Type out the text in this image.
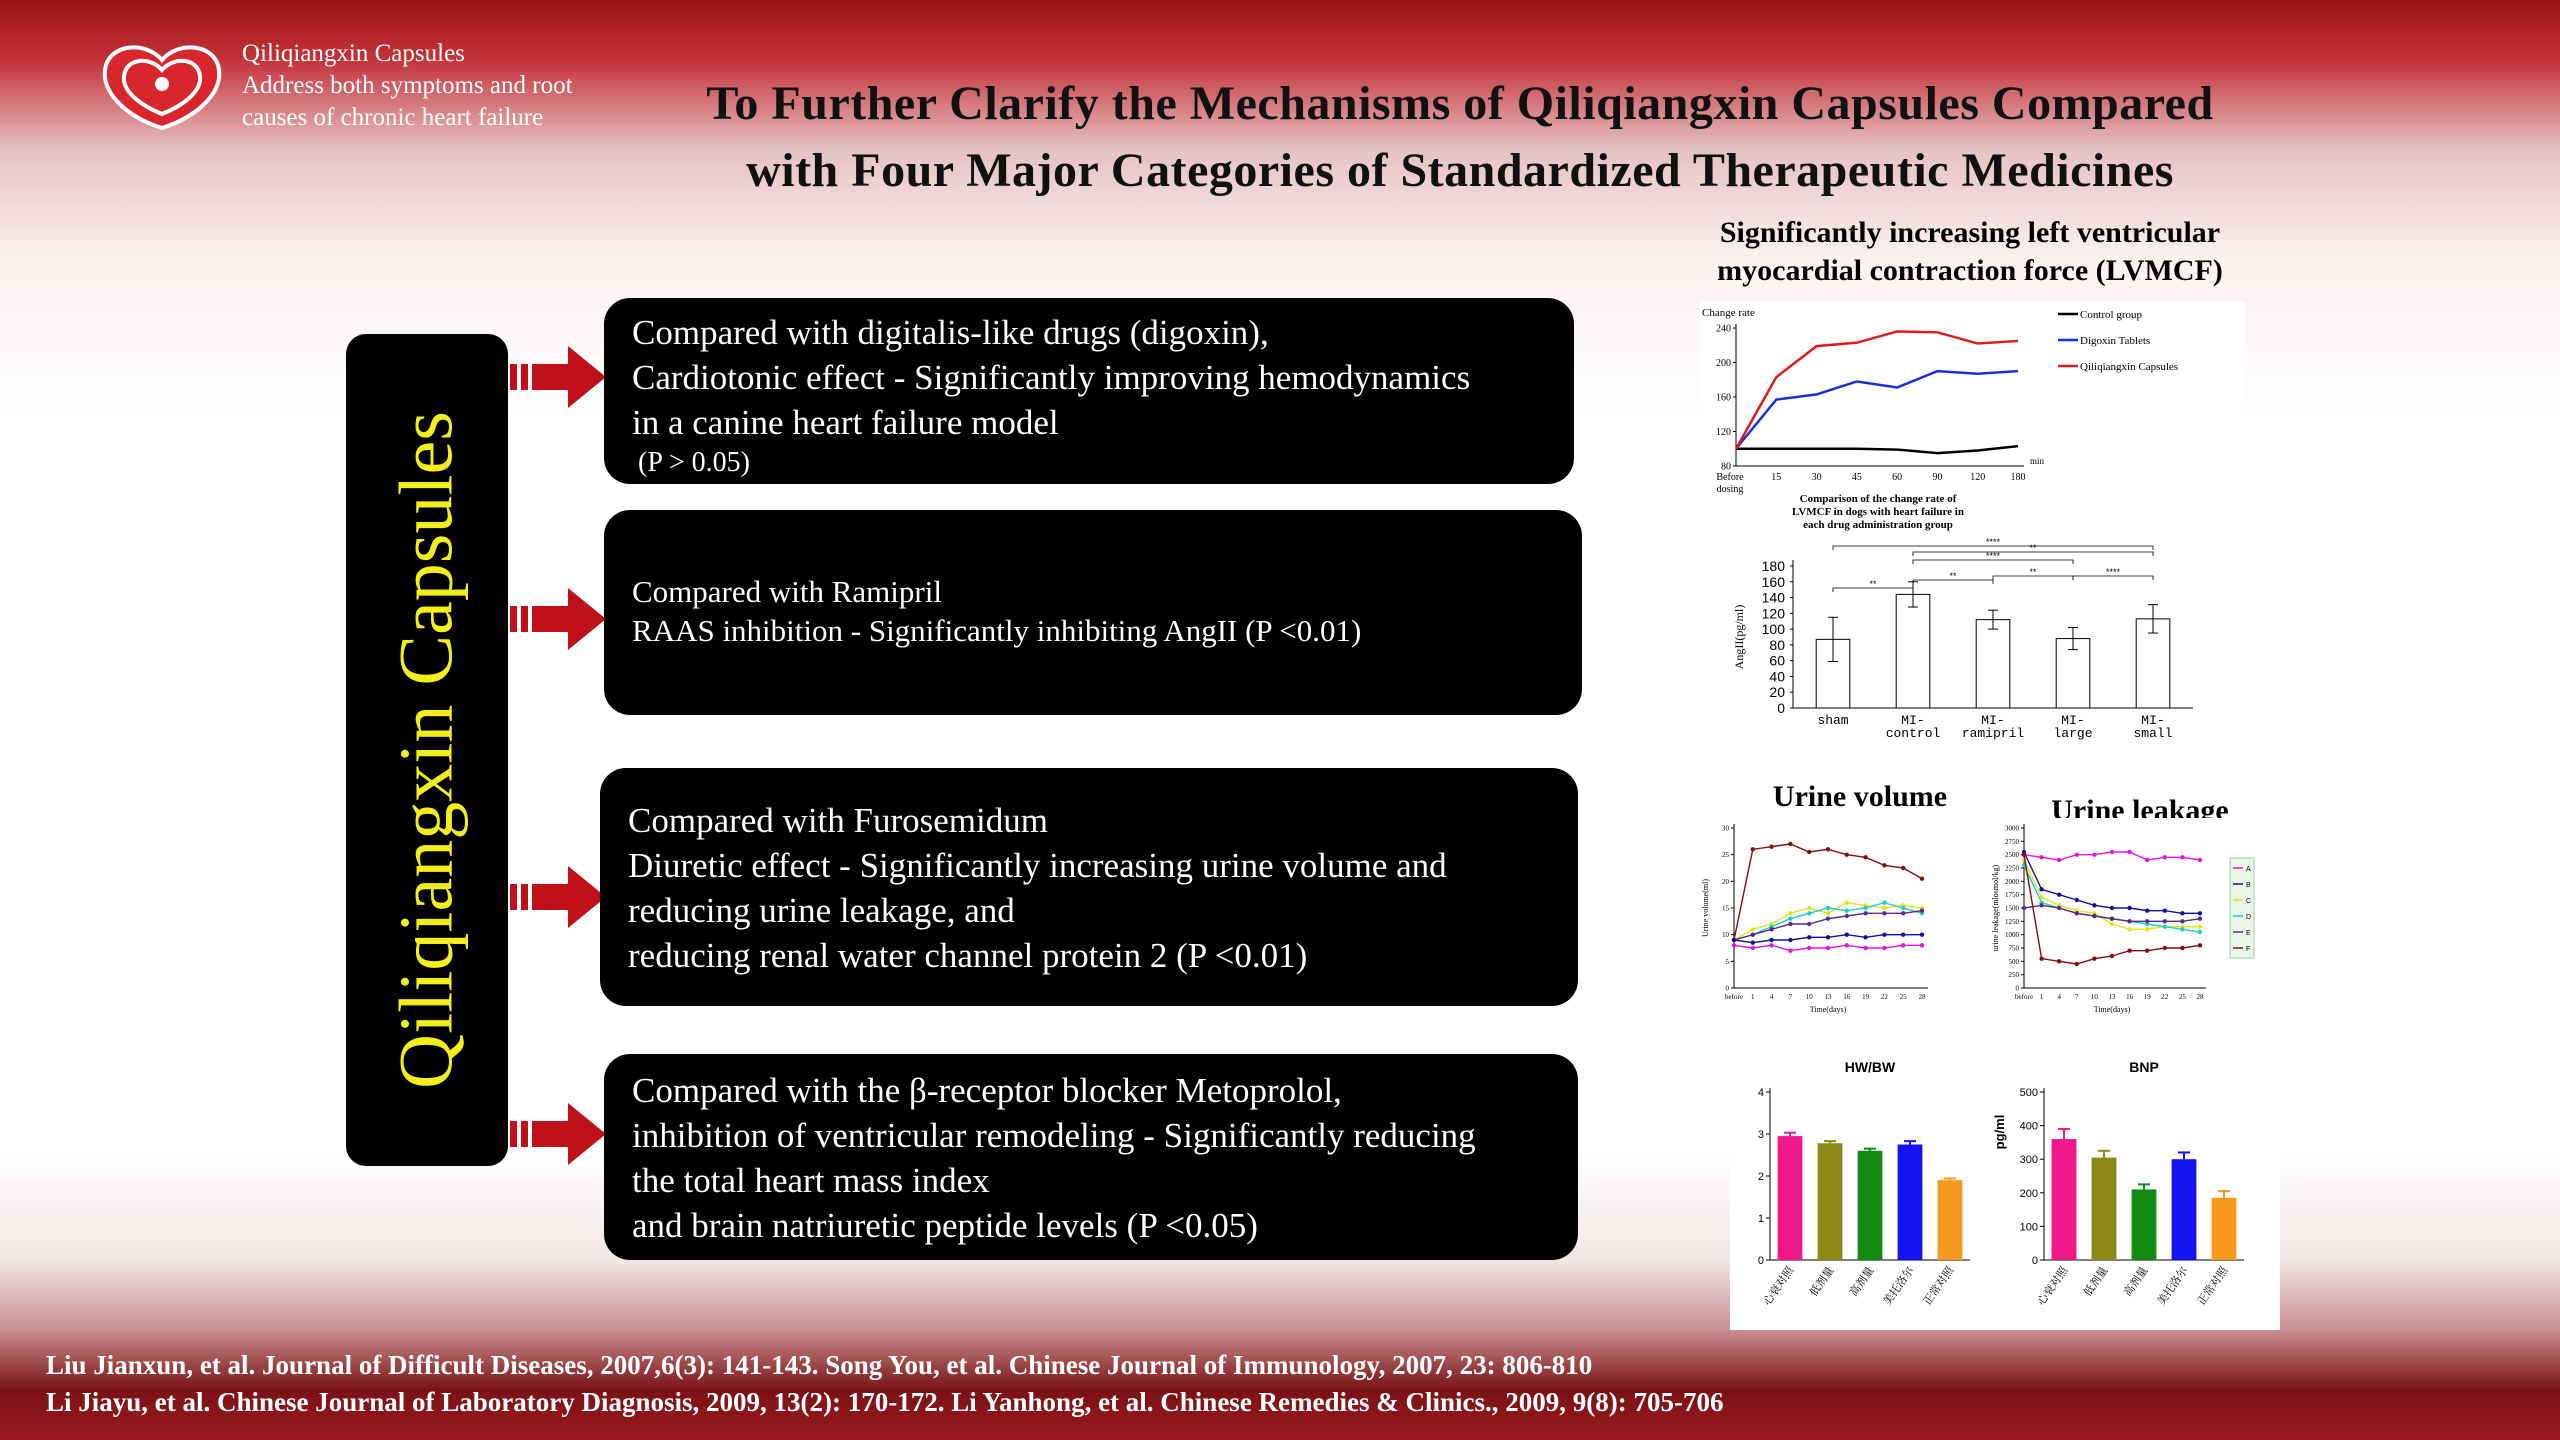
Qiliqiangxin Capsules
Address both symptoms and root
causes of chronic heart failure	To Further Clarify the Mechanisms of Qiliqiangxin Capsules Compared
with Four Major Categories of Standardized Therapeutic Medicines
Qiliqiangxin Capsules
Compared with digitalis-like drugs (digoxin),
Cardiotonic effect - Significantly improving hemodynamics
in a canine heart failure model
(P > 0.05)
Compared with Ramipril
RAAS inhibition - Significantly inhibiting AngII (P <0.01)
Compared with Furosemidum
Diuretic effect - Significantly increasing urine volume and
reducing urine leakage, and
reducing renal water channel protein 2 (P <0.01)
Compared with the β-receptor blocker Metoprolol,
inhibition of ventricular remodeling - Significantly reducing
the total heart mass index
and brain natriuretic peptide levels (P <0.05)
Significantly increasing left ventricular
myocardial contraction force (LVMCF)
Urine volume	Urine leakage
80
120
160
200
240
Before
dosing
15	30	45	60	90	120	180
Change rate
min
Control group
Digoxin Tablets
Qiliqiangxin Capsules
Comparison of the change rate of
LVMCF in dogs with heart failure in
each drug administration group
0
20
40
60
80
100
120
140
160
180
AngII(pg/ml)
sham	MI-
control
MI-
ramipril
MI-
large
MI-
small
**
**
****
****
**
**	****
0
5
10
15
20
25
30
before 1 4 7 10 13 16 19 22 25 28
Time(days)
Urine volume(ml)
0
250
500
750
1000
1250
1500
1750
2000
2250
2500
2750
3000
before 1 4 7 10 13 16 19 22 25 28
Time(days)
urine leakage(mlosmol/kg)	A
B
C
D
E
F
HW/BW
0
1
2
3
4
心衰对照 低剂量 高剂量 美托洛尔 正常对照
BNP
0
100
200
300
400
500
pg/ml
心衰对照 低剂量 高剂量 美托洛尔 正常对照
Liu Jianxun, et al. Journal of Difficult Diseases, 2007,6(3): 141-143. Song You, et al. Chinese Journal of Immunology, 2007, 23: 806-810
Li Jiayu, et al. Chinese Journal of Laboratory Diagnosis, 2009, 13(2): 170-172. Li Yanhong, et al. Chinese Remedies & Clinics., 2009, 9(8): 705-706
